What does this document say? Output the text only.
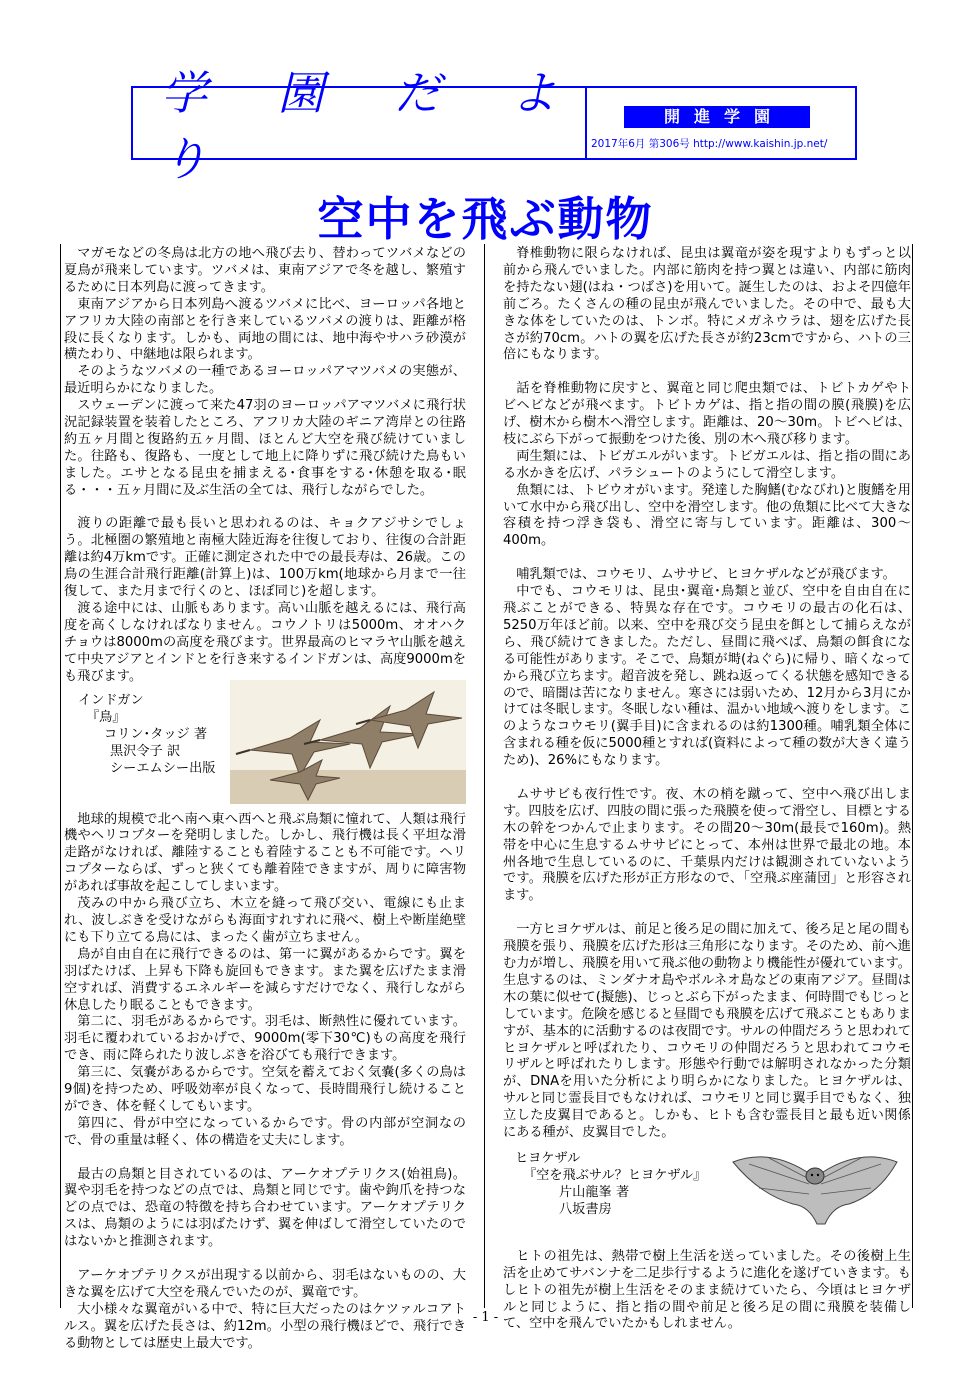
学 園 だ よ り
開進学園
2017年6月 第306号 http://www.kaishin.jp.net/
空中を飛ぶ動物

マガモなどの冬鳥は北方の地へ飛び去り、替わってツバメなどの夏鳥が飛来しています。ツバメは、東南アジアで冬を越し、繁殖するために日本列島に渡ってきます。

東南アジアから日本列島へ渡るツバメに比べ、ヨーロッパ各地とアフリカ大陸の南部とを行き来しているツバメの渡りは、距離が格段に長くなります。しかも、両地の間には、地中海やサハラ砂漠が横たわり、中継地は限られます。

そのようなツバメの一種であるヨーロッパアマツバメの実態が、最近明らかになりました。

スウェーデンに渡って来た47羽のヨーロッパアマツバメに飛行状況記録装置を装着したところ、アフリカ大陸のギニア湾岸との往路約五ヶ月間と復路約五ヶ月間、ほとんど大空を飛び続けていました。往路も、復路も、一度として地上に降りずに飛び続けた鳥もいました。エサとなる昆虫を捕まえる･食事をする･休憩を取る･眠る・・・五ヶ月間に及ぶ生活の全ては、飛行しながらでした。

渡りの距離で最も長いと思われるのは、キョクアジサシでしょう。北極圏の繁殖地と南極大陸近海を往復しており、往復の合計距離は約4万kmです。正確に測定された中での最長寿は、26歳。この鳥の生涯合計飛行距離(計算上)は、100万km(地球から月まで一往復して、また月まで行くのと、ほぼ同じ)を超します。

渡る途中には、山脈もあります。高い山脈を越えるには、飛行高度を高くしなければなりません。コウノトリは5000m、オオハクチョウは8000mの高度を飛びます。世界最高のヒマラヤ山脈を越えて中央アジアとインドとを行き来するインドガンは、高度9000mをも飛びます。

インドガン
『鳥』
コリン･タッジ 著
黒沢令子 訳
シーエムシー出版

地球的規模で北へ南へ東へ西へと飛ぶ鳥類に憧れて、人類は飛行機やヘリコプターを発明しました。しかし、飛行機は長く平坦な滑走路がなければ、離陸することも着陸することも不可能です。ヘリコプターならば、ずっと狭くても離着陸できますが、周りに障害物があれば事故を起こしてしまいます。

茂みの中から飛び立ち、木立を縫って飛び交い、電線にも止まれ、波しぶきを受けながらも海面すれすれに飛べ、樹上や断崖絶壁にも下り立てる鳥には、まったく歯が立ちません。

鳥が自由自在に飛行できるのは、第一に翼があるからです。翼を羽ばたけば、上昇も下降も旋回もできます。また翼を広げたまま滑空すれば、消費するエネルギーを減らすだけでなく、飛行しながら休息したり眠ることもできます。

第二に、羽毛があるからです。羽毛は、断熱性に優れています。羽毛に覆われているおかげで、9000m(零下30℃)もの高度を飛行でき、雨に降られたり波しぶきを浴びても飛行できます。

第三に、気嚢があるからです。空気を蓄えておく気嚢(多くの鳥は9個)を持つため、呼吸効率が良くなって、長時間飛行し続けることができ、体を軽くしてもいます。

第四に、骨が中空になっているからです。骨の内部が空洞なので、骨の重量は軽く、体の構造を丈夫にします。

最古の鳥類と目されているのは、アーケオプテリクス(始祖鳥)。翼や羽毛を持つなどの点では、鳥類と同じです。歯や鉤爪を持つなどの点では、恐竜の特徴を持ち合わせています。アーケオプテリクスは、鳥類のようには羽ばたけず、翼を伸ばして滑空していたのではないかと推測されます。

アーケオプテリクスが出現する以前から、羽毛はないものの、大きな翼を広げて大空を飛んでいたのが、翼竜です。

大小様々な翼竜がいる中で、特に巨大だったのはケツァルコアトルス。翼を広げた長さは、約12m。小型の飛行機ほどで、飛行できる動物としては歴史上最大です。

脊椎動物に限らなければ、昆虫は翼竜が姿を現すよりもずっと以前から飛んでいました。内部に筋肉を持つ翼とは違い、内部に筋肉を持たない翅(はね・つばさ)を用いて。誕生したのは、およそ四億年前ごろ。たくさんの種の昆虫が飛んでいました。その中で、最も大きな体をしていたのは、トンボ。特にメガネウラは、翅を広げた長さが約70cm。ハトの翼を広げた長さが約23cmですから、ハトの三倍にもなります。

話を脊椎動物に戻すと、翼竜と同じ爬虫類では、トビトカゲやトビヘビなどが飛べます。トビトカゲは、指と指の間の膜(飛膜)を広げ、樹木から樹木へ滑空します。距離は、20～30m。トビヘビは、枝にぶら下がって振動をつけた後、別の木へ飛び移ります。

両生類には、トビガエルがいます。トビガエルは、指と指の間にある水かきを広げ、パラシュートのようにして滑空します。

魚類には、トビウオがいます。発達した胸鰭(むなびれ)と腹鰭を用いて水中から飛び出し、空中を滑空します。他の魚類に比べて大きな容積を持つ浮き袋も、滑空に寄与しています。距離は、300～400m。

哺乳類では、コウモリ、ムササビ、ヒヨケザルなどが飛びます。

中でも、コウモリは、昆虫･翼竜･鳥類と並び、空中を自由自在に飛ぶことができる、特異な存在です。コウモリの最古の化石は、5250万年ほど前。以来、空中を飛び交う昆虫を餌として捕らえながら、飛び続けてきました。ただし、昼間に飛べば、鳥類の餌食になる可能性があります。そこで、鳥類が塒(ねぐら)に帰り、暗くなってから飛び立ちます。超音波を発し、跳ね返ってくる状態を感知できるので、暗闇は苦になりません。寒さには弱いため、12月から3月にかけては冬眠します。冬眠しない種は、温かい地域へ渡りをします。このようなコウモリ(翼手目)に含まれるのは約1300種。哺乳類全体に含まれる種を仮に5000種とすれば(資料によって種の数が大きく違うため)、26%にもなります。

ムササビも夜行性です。夜、木の梢を蹴って、空中へ飛び出します。四肢を広げ、四肢の間に張った飛膜を使って滑空し、目標とする木の幹をつかんで止まります。その間20～30m(最長で160m)。熱帯を中心に生息するムササビにとって、本州は世界で最北の地。本州各地で生息しているのに、千葉県内だけは観測されていないようです。飛膜を広げた形が正方形なので、「空飛ぶ座蒲団」と形容されます。

一方ヒヨケザルは、前足と後ろ足の間に加えて、後ろ足と尾の間も飛膜を張り、飛膜を広げた形は三角形になります。そのため、前へ進む力が増し、飛膜を用いて飛ぶ他の動物より機能性が優れています。生息するのは、ミンダナオ島やボルネオ島などの東南アジア。昼間は木の葉に似せて(擬態)、じっとぶら下がったまま、何時間でもじっとしています。危険を感じると昼間でも飛膜を広げて飛ぶこともありますが、基本的に活動するのは夜間です。サルの仲間だろうと思われてヒヨケザルと呼ばれたり、コウモリの仲間だろうと思われてコウモリザルと呼ばれたりします。形態や行動では解明されなかった分類が、DNAを用いた分析により明らかになりました。ヒヨケザルは、サルと同じ霊長目でもなければ、コウモリと同じ翼手目でもなく、独立した皮翼目であると。しかも、ヒトも含む霊長目と最も近い関係にある種が、皮翼目でした。

ヒヨケザル
『空を飛ぶサル？ヒヨケザル』
片山龍峯 著
八坂書房

ヒトの祖先は、熱帯で樹上生活を送っていました。その後樹上生活を止めてサバンナを二足歩行するように進化を遂げていきます。もしヒトの祖先が樹上生活をそのまま続けていたら、今頃はヒヨケザルと同じように、指と指の間や前足と後ろ足の間に飛膜を装備して、空中を飛んでいたかもしれません。

- 1 -
